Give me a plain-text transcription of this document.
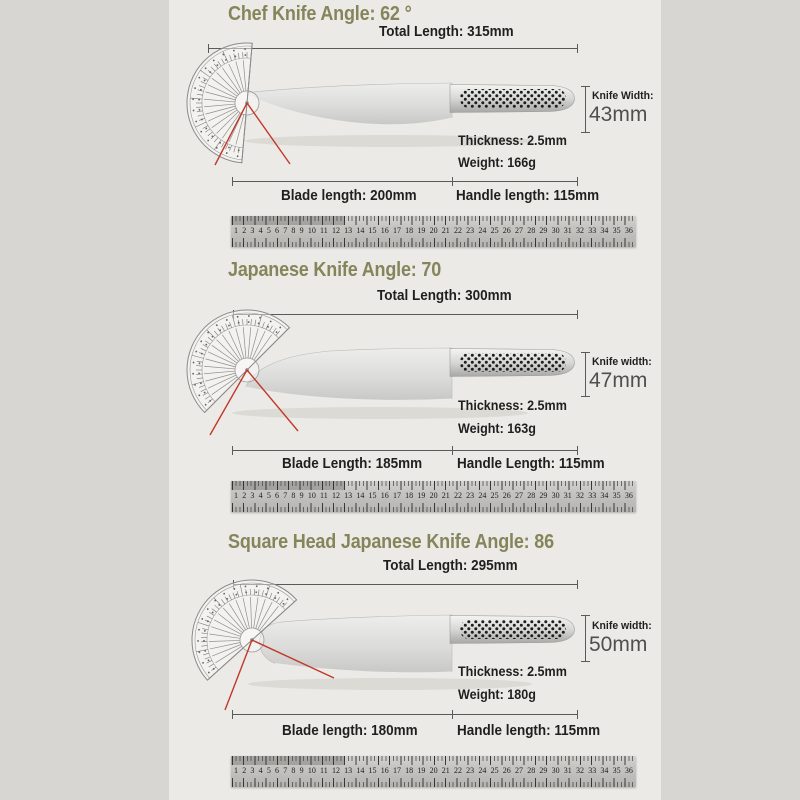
Chef Knife Angle: 62 °
Total Length: 315mm
Knife Width:
43mm
Thickness: 2.5mm
Weight: 166g
Blade length: 200mm	Handle length: 115mm
1 2 3 4 5 6 7 8 9 10 11 12 13 14 15 16 17 18 19 20 21 22 23 24 25 26 27 28 29 30 31 32 33 34 35 36
Japanese Knife Angle: 70
Total Length: 300mm
Knife width:
47mm
Thickness: 2.5mm
Weight: 163g
Blade Length: 185mm Handle Length: 115mm
1 2 3 4 5 6 7 8 9 10 11 12 13 14 15 16 17 18 19 20 21 22 23 24 25 26 27 28 29 30 31 32 33 34 35 36
Square Head Japanese Knife Angle: 86
Total Length: 295mm
Knife width:
50mm
Thickness: 2.5mm
Weight: 180g
Blade length: 180mm	Handle length: 115mm
1 2 3 4 5 6 7 8 9 10 11 12 13 14 15 16 17 18 19 20 21 22 23 24 25 26 27 28 29 30 31 32 33 34 35 36
